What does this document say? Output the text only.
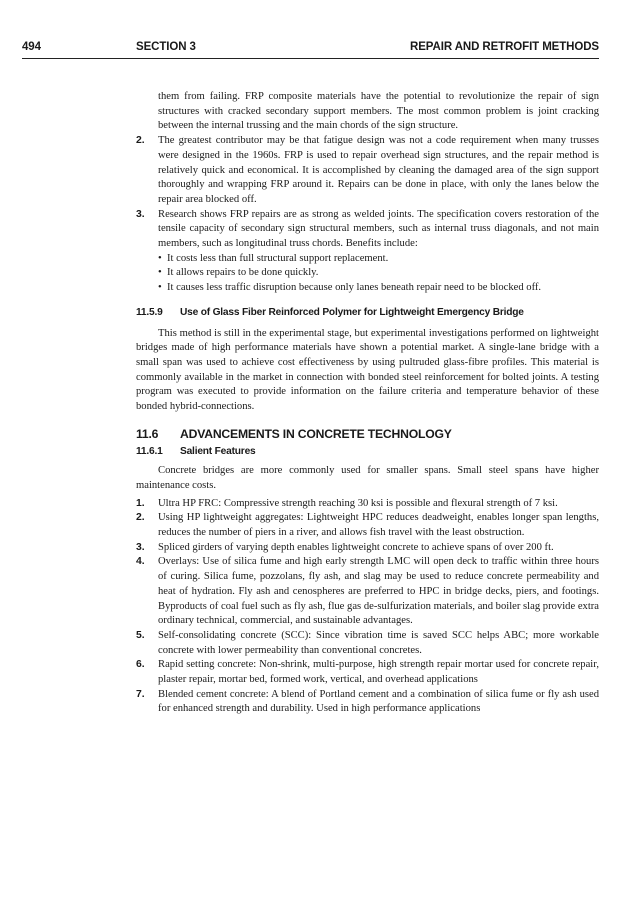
494	SECTION 3	REPAIR AND RETROFIT METHODS

them from failing. FRP composite materials have the potential to revolutionize the repair of sign structures with cracked secondary support members. The most common problem is joint cracking between the internal trussing and the main chords of the sign structure.

2. The greatest contributor may be that fatigue design was not a code requirement when many trusses were designed in the 1960s. FRP is used to repair overhead sign structures, and the repair method is relatively quick and economical. It is accomplished by cleaning the damaged area of the sign support thoroughly and wrapping FRP around it. Repairs can be done in place, with only the lanes below the repair area blocked off.
3. Research shows FRP repairs are as strong as welded joints. The specification covers restoration of the tensile capacity of secondary sign structural members, such as internal truss diagonals, and not main members, such as longitudinal truss chords. Benefits include:
• It costs less than full structural support replacement.
• It allows repairs to be done quickly.
• It causes less traffic disruption because only lanes beneath repair need to be blocked off.

11.5.9 Use of Glass Fiber Reinforced Polymer for Lightweight Emergency Bridge

This method is still in the experimental stage, but experimental investigations performed on lightweight bridges made of high performance materials have shown a potential market. A single-lane bridge with a small span was used to achieve cost effectiveness by using pultruded glass-fibre profiles. This material is commonly available in the market in connection with bonded steel reinforcement for bolted joints. A testing program was executed to provide information on the failure criteria and temperature behavior of these bonded hybrid-connections.

11.6 ADVANCEMENTS IN CONCRETE TECHNOLOGY

11.6.1 Salient Features

Concrete bridges are more commonly used for smaller spans. Small steel spans have higher maintenance costs.

1. Ultra HP FRC: Compressive strength reaching 30 ksi is possible and flexural strength of 7 ksi.
2. Using HP lightweight aggregates: Lightweight HPC reduces deadweight, enables longer span lengths, reduces the number of piers in a river, and allows fish travel with the least obstruction.
3. Spliced girders of varying depth enables lightweight concrete to achieve spans of over 200 ft.
4. Overlays: Use of silica fume and high early strength LMC will open deck to traffic within three hours of curing. Silica fume, pozzolans, fly ash, and slag may be used to reduce concrete permeability and heat of hydration. Fly ash and cenospheres are preferred to HPC in bridge decks, piers, and footings. Byproducts of coal fuel such as fly ash, flue gas de-sulfurization materials, and boiler slag provide extra ordinary technical, commercial, and sustainable advantages.
5. Self-consolidating concrete (SCC): Since vibration time is saved SCC helps ABC; more workable concrete with lower permeability than conventional concretes.
6. Rapid setting concrete: Non-shrink, multi-purpose, high strength repair mortar used for concrete repair, plaster repair, mortar bed, formed work, vertical, and overhead applications
7. Blended cement concrete: A blend of Portland cement and a combination of silica fume or fly ash used for enhanced strength and durability. Used in high performance applications
